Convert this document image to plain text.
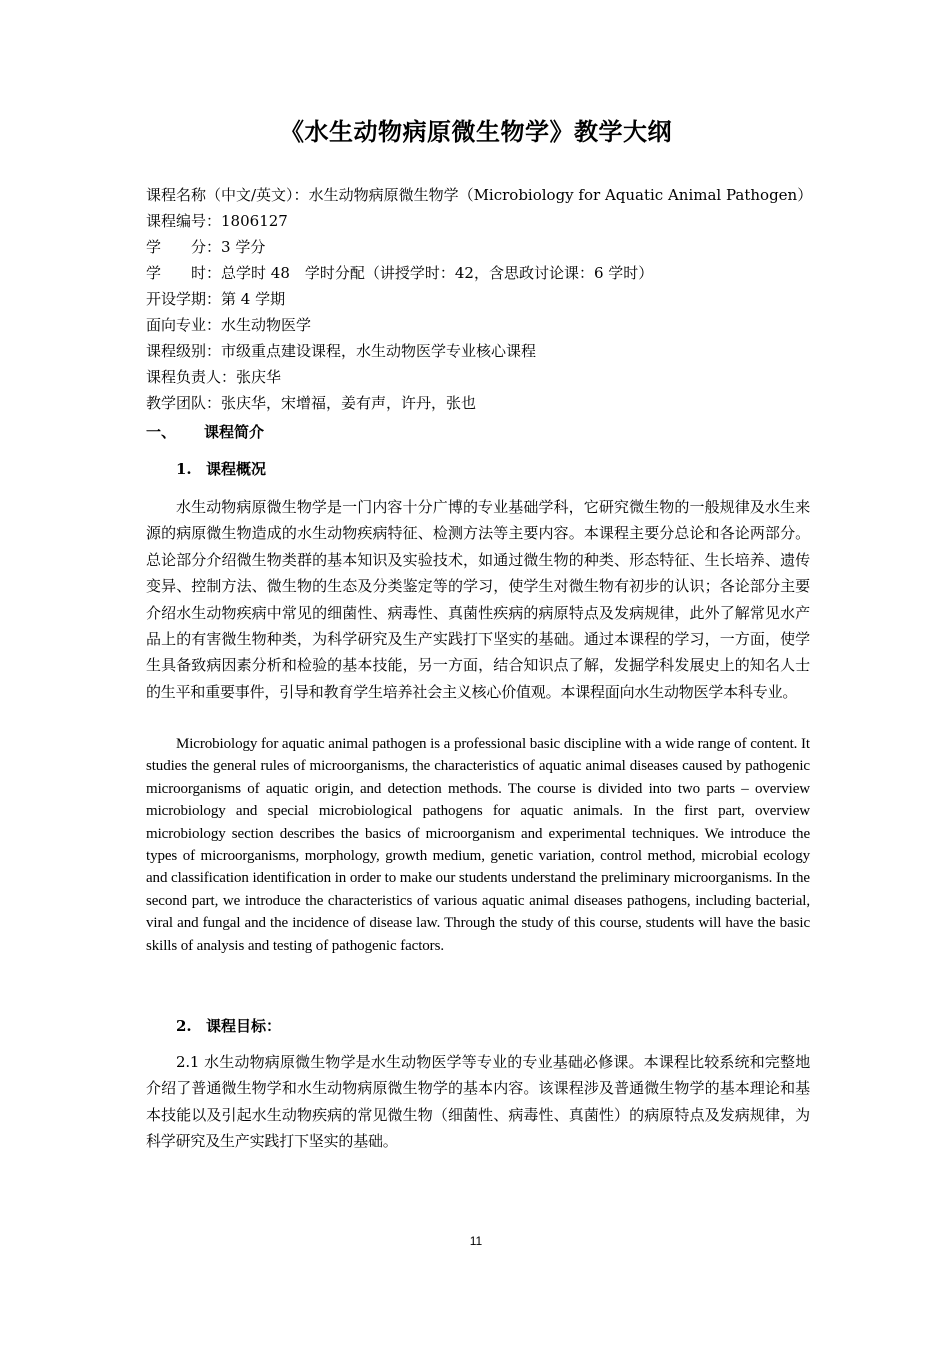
《水生动物病原微生物学》教学大纲
课程名称（中文/英文）：水生动物病原微生物学（Microbiology for Aquatic Animal Pathogen）
课程编号：1806127
学　　分：3 学分
学　　时：总学时 48　学时分配（讲授学时：42，含思政讨论课：6 学时）
开设学期：第 4 学期
面向专业：水生动物医学
课程级别：市级重点建设课程，水生动物医学专业核心课程
课程负责人：张庆华
教学团队：张庆华，宋增福，姜有声，许丹，张也
一、 课程简介
1. 课程概况

水生动物病原微生物学是一门内容十分广博的专业基础学科，它研究微生物的一般规律及水生来源的病原微生物造成的水生动物疾病特征、检测方法等主要内容。本课程主要分总论和各论两部分。总论部分介绍微生物类群的基本知识及实验技术，如通过微生物的种类、形态特征、生长培养、遗传变异、控制方法、微生物的生态及分类鉴定等的学习，使学生对微生物有初步的认识；各论部分主要介绍水生动物疾病中常见的细菌性、病毒性、真菌性疾病的病原特点及发病规律，此外了解常见水产品上的有害微生物种类，为科学研究及生产实践打下坚实的基础。通过本课程的学习，一方面，使学生具备致病因素分析和检验的基本技能，另一方面，结合知识点了解，发掘学科发展史上的知名人士的生平和重要事件，引导和教育学生培养社会主义核心价值观。本课程面向水生动物医学本科专业。

Microbiology for aquatic animal pathogen is a professional basic discipline with a wide range of content. It studies the general rules of microorganisms, the characteristics of aquatic animal diseases caused by pathogenic microorganisms of aquatic origin, and detection methods. The course is divided into two parts – overview microbiology and special microbiological pathogens for aquatic animals. In the first part, overview microbiology section describes the basics of microorganism and experimental techniques. We introduce the types of microorganisms, morphology, growth medium, genetic variation, control method, microbial ecology and classification identification in order to make our students understand the preliminary microorganisms. In the second part, we introduce the characteristics of various aquatic animal diseases pathogens, including bacterial, viral and fungal and the incidence of disease law. Through the study of this course, students will have the basic skills of analysis and testing of pathogenic factors.

2. 课程目标：

2.1 水生动物病原微生物学是水生动物医学等专业的专业基础必修课。本课程比较系统和完整地介绍了普通微生物学和水生动物病原微生物学的基本内容。该课程涉及普通微生物学的基本理论和基本技能以及引起水生动物疾病的常见微生物（细菌性、病毒性、真菌性）的病原特点及发病规律，为科学研究及生产实践打下坚实的基础。

11
